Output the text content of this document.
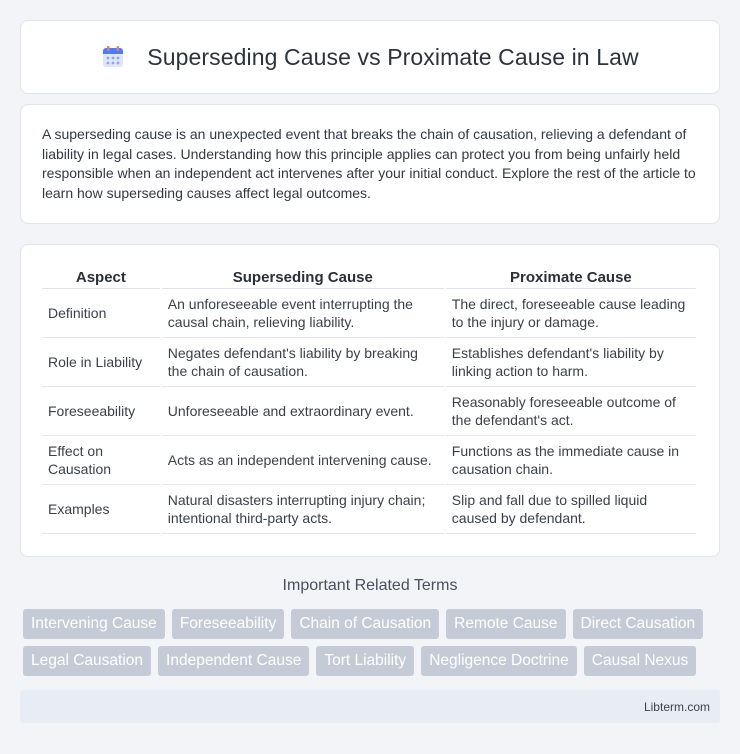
Superseding Cause vs Proximate Cause in Law

A superseding cause is an unexpected event that breaks the chain of causation, relieving a defendant of liability in legal cases. Understanding how this principle applies can protect you from being unfairly held responsible when an independent act intervenes after your initial conduct. Explore the rest of the article to learn how superseding causes affect legal outcomes.

Aspect	Superseding Cause	Proximate Cause
Definition	An unforeseeable event interrupting the causal chain, relieving liability.	The direct, foreseeable cause leading to the injury or damage.
Role in Liability	Negates defendant's liability by breaking the chain of causation.	Establishes defendant's liability by linking action to harm.
Foreseeability	Unforeseeable and extraordinary event.	Reasonably foreseeable outcome of the defendant's act.
Effect on Causation	Acts as an independent intervening cause.	Functions as the immediate cause in causation chain.
Examples	Natural disasters interrupting injury chain; intentional third-party acts.	Slip and fall due to spilled liquid caused by defendant.
Important Related Terms
Intervening Cause	Foreseeability	Chain of Causation	Remote Cause	Direct Causation
Legal Causation	Independent Cause	Tort Liability	Negligence Doctrine	Causal Nexus
Libterm.com
